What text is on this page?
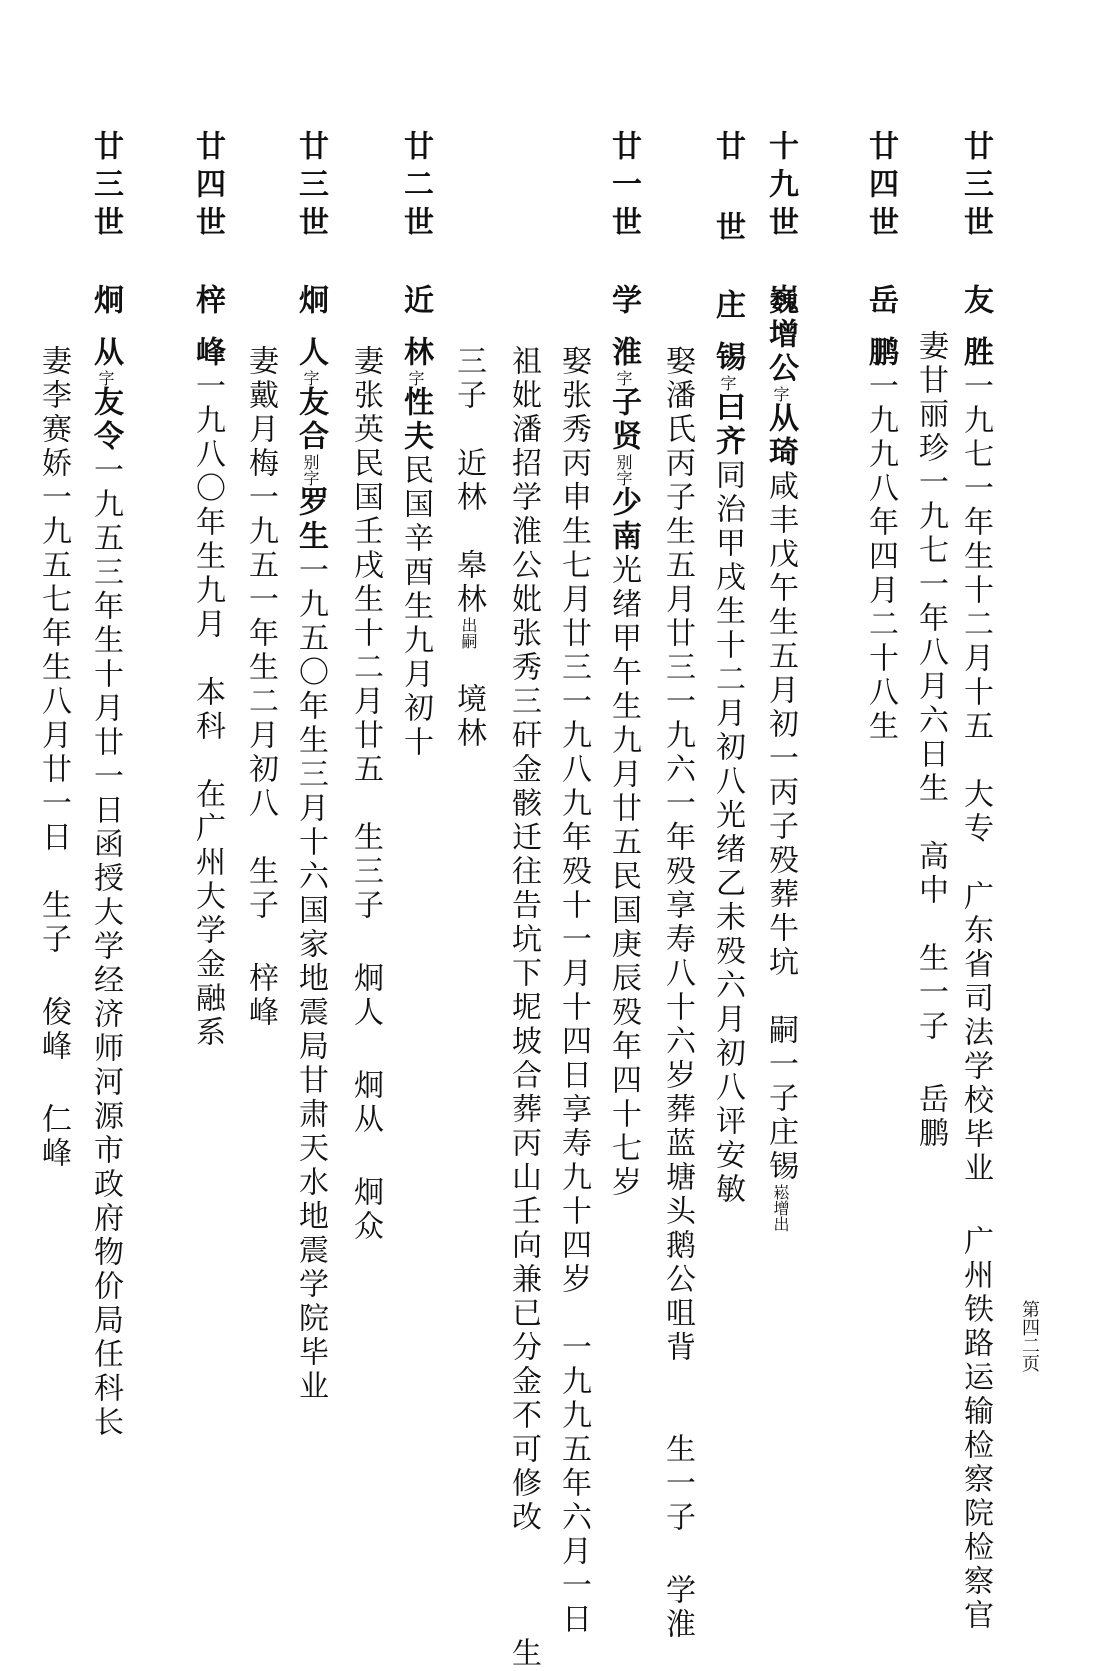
第四二页
廿三世友胜一九七一年生十二月十五　大专　广东省司法学校毕业 广州铁路运输检察院检察官
妻甘丽珍一九七一年八月六日生　高中　生一子 岳鹏
廿四世岳鹏一九九八年四月二十八生
十九世巍增公字从琦咸丰戊午生五月初一丙子殁葬牛坑　嗣一子庄锡崧增出
廿 世庄锡字曰齐同治甲戌生十二月初八光绪乙未殁六月初八评安敏
娶潘氏丙子生五月廿三一九六一年殁享寿八十六岁葬蓝塘头鹅公咀背　　生一子 学淮
廿一世学淮字子贤别字少南光绪甲午生九月廿五民国庚辰殁年四十七岁
娶张秀丙申生七月廿三一九八九年殁十一月十四日享寿九十四岁　一九九五年六月一日
祖妣潘招学淮公妣张秀三矸金骸迁往告坑下坭坡合葬丙山壬向兼已分金不可修改　　　生
三子　近林　皋林出嗣　境林
廿二世近林字性夫民国辛酉生九月初十
妻张英民国壬戌生十二月廿五　生三子 炯人 炯从 炯众
廿三世炯人字友合别字罗生一九五〇年生三月十六国家地震局甘肃天水地震学院毕业
妻戴月梅一九五一年生二月初八　生子 梓峰
廿四世梓峰一九八〇年生九月　本科　在广州大学金融系
廿三世炯从字友令一九五三年生十月廿一日函授大学经济师河源市政府物价局任科长
妻李赛娇一九五七年生八月廿一日　生子 俊峰 仁峰
